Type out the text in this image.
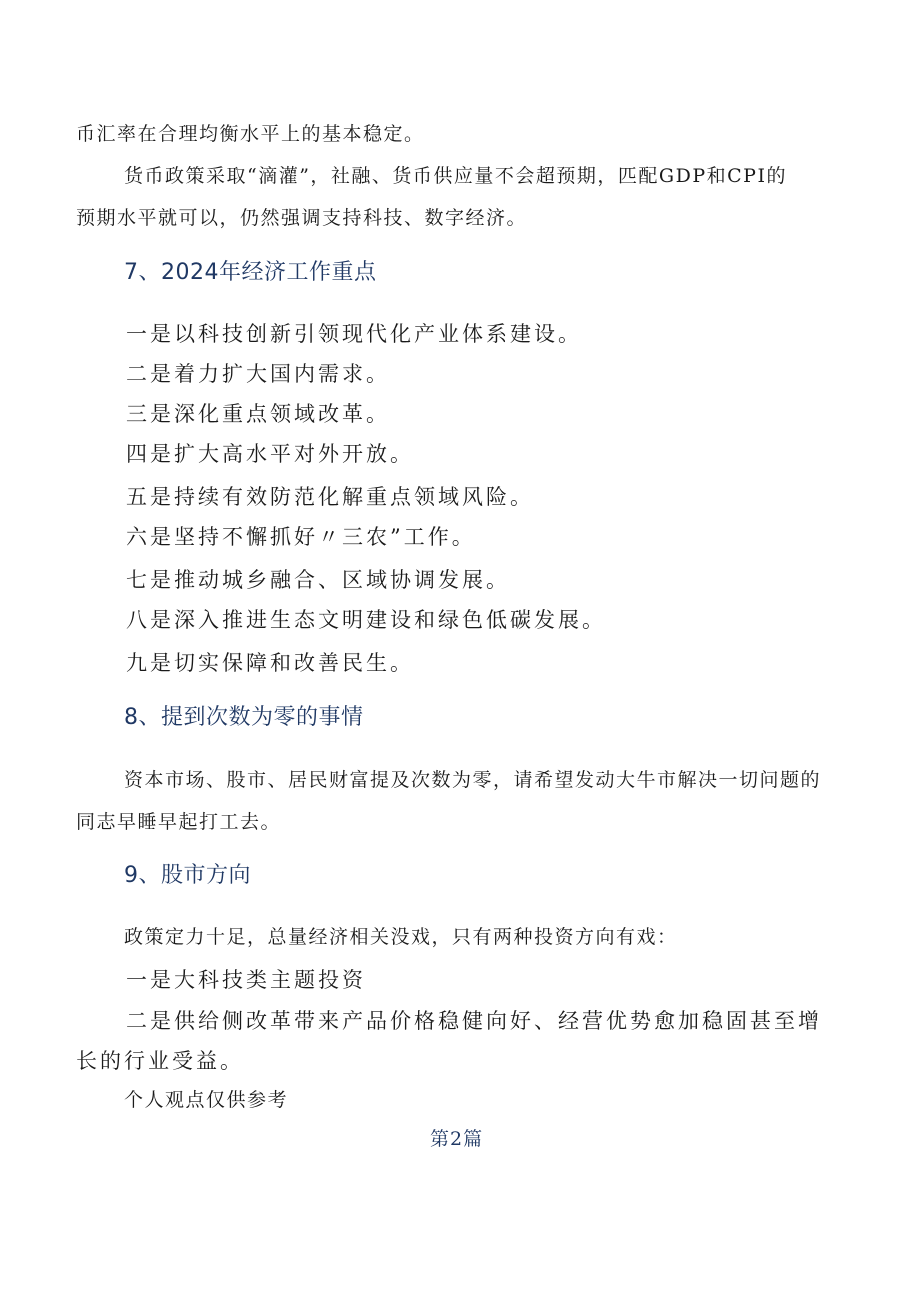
币汇率在合理均衡水平上的基本稳定。

货币政策采取“滴灌”，社融、货币供应量不会超预期，匹配GDP和CPI的

预期水平就可以，仍然强调支持科技、数字经济。

7、2024年经济工作重点

一是以科技创新引领现代化产业体系建设。

二是着力扩大国内需求。

三是深化重点领域改革。

四是扩大高水平对外开放。

五是持续有效防范化解重点领域风险。

六是坚持不懈抓好〃三农”工作。

七是推动城乡融合、区域协调发展。

八是深入推进生态文明建设和绿色低碳发展。

九是切实保障和改善民生。

8、提到次数为零的事情

资本市场、股市、居民财富提及次数为零，请希望发动大牛市解决一切问题的

同志早睡早起打工去。

9、股市方向

政策定力十足，总量经济相关没戏，只有两种投资方向有戏：

一是大科技类主题投资

二是供给侧改革带来产品价格稳健向好、经营优势愈加稳固甚至增

长的行业受益。

个人观点仅供参考

第2篇
